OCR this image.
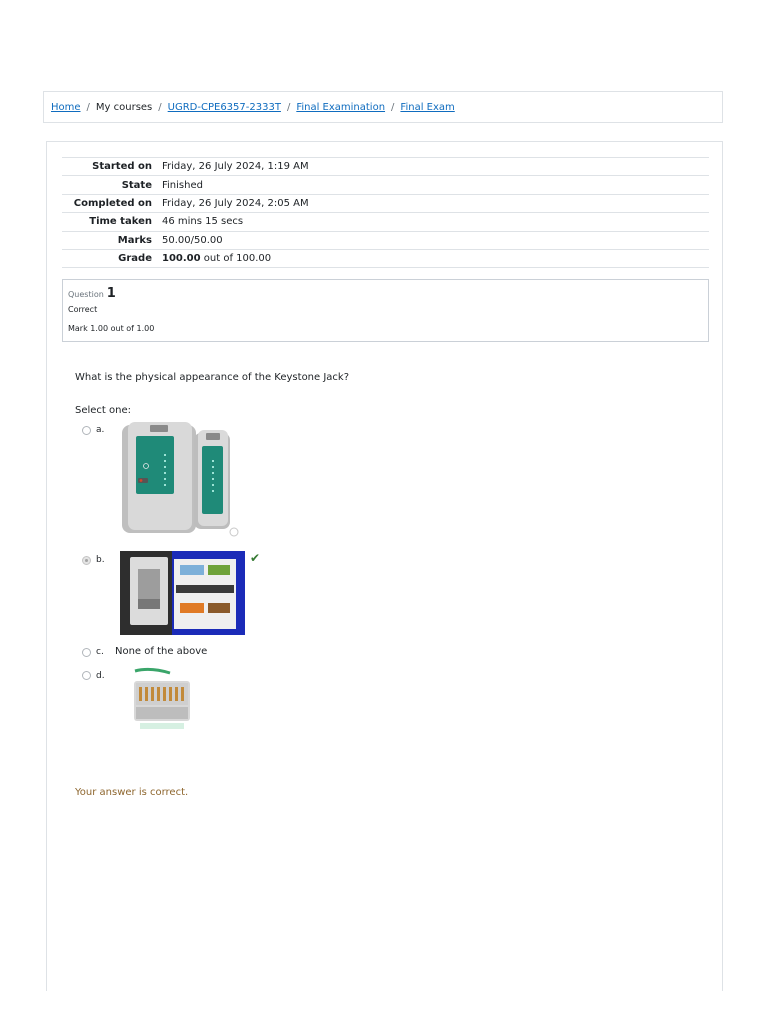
Home / My courses / UGRD-CPE6357-2333T / Final Examination / Final Exam
Started on	Friday, 26 July 2024, 1:19 AM
State	Finished
Completed on	Friday, 26 July 2024, 2:05 AM
Time taken	46 mins 15 secs
Marks	50.00/50.00
Grade	100.00 out of 100.00
Question 1
Correct
Mark 1.00 out of 1.00
What is the physical appearance of the Keystone Jack?
Select one:
a.
b.	✔
c. None of the above
d.
Your answer is correct.
